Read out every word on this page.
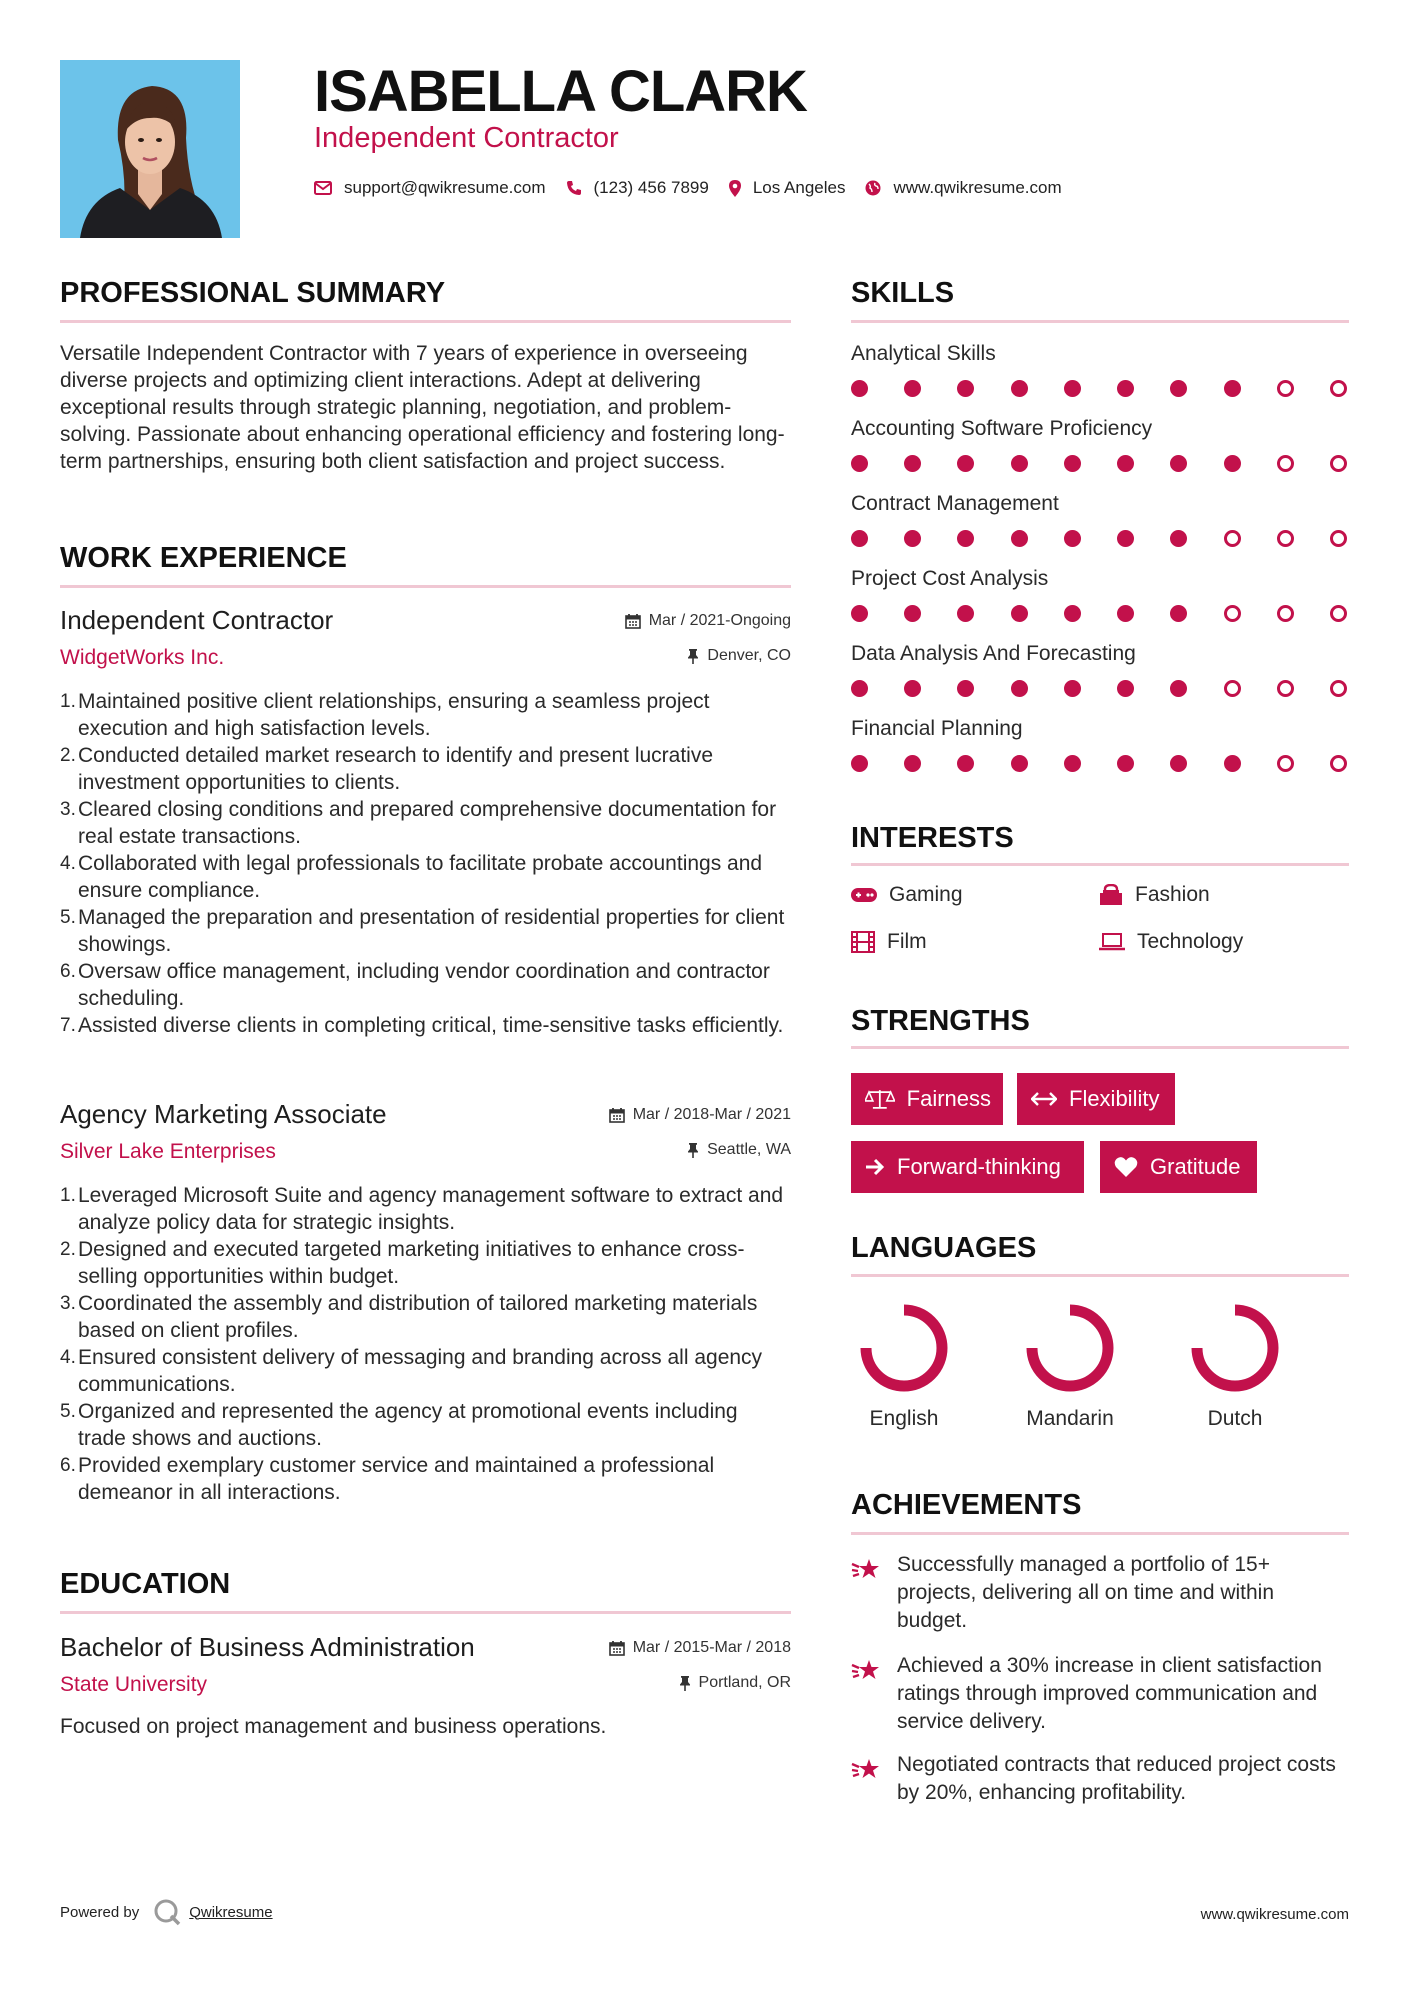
ISABELLA CLARK
Independent Contractor
support@qwikresume.com	(123) 456 7899	Los Angeles	www.qwikresume.com
PROFESSIONAL SUMMARY
Versatile Independent Contractor with 7 years of experience in overseeing diverse projects and optimizing client interactions. Adept at delivering exceptional results through strategic planning, negotiation, and problem-solving. Passionate about enhancing operational efficiency and fostering long-term partnerships, ensuring both client satisfaction and project success.
WORK EXPERIENCE
Independent Contractor	Mar / 2021-Ongoing
WidgetWorks Inc.	Denver, CO
1. Maintained positive client relationships, ensuring a seamless project execution and high satisfaction levels.
2. Conducted detailed market research to identify and present lucrative investment opportunities to clients.
3. Cleared closing conditions and prepared comprehensive documentation for real estate transactions.
4. Collaborated with legal professionals to facilitate probate accountings and ensure compliance.
5. Managed the preparation and presentation of residential properties for client showings.
6. Oversaw office management, including vendor coordination and contractor scheduling.
7. Assisted diverse clients in completing critical, time-sensitive tasks efficiently.
Agency Marketing Associate	Mar / 2018-Mar / 2021
Silver Lake Enterprises	Seattle, WA
1. Leveraged Microsoft Suite and agency management software to extract and analyze policy data for strategic insights.
2. Designed and executed targeted marketing initiatives to enhance cross-selling opportunities within budget.
3. Coordinated the assembly and distribution of tailored marketing materials based on client profiles.
4. Ensured consistent delivery of messaging and branding across all agency communications.
5. Organized and represented the agency at promotional events including trade shows and auctions.
6. Provided exemplary customer service and maintained a professional demeanor in all interactions.
EDUCATION
Bachelor of Business Administration	Mar / 2015-Mar / 2018
State University	Portland, OR
Focused on project management and business operations.
SKILLS
Analytical Skills
Accounting Software Proficiency
Contract Management
Project Cost Analysis
Data Analysis And Forecasting
Financial Planning
INTERESTS
Gaming	Fashion
Film	Technology
STRENGTHS
Fairness	Flexibility
Forward-thinking	Gratitude
LANGUAGES
English	Mandarin	Dutch
ACHIEVEMENTS
Successfully managed a portfolio of 15+ projects, delivering all on time and within budget.
Achieved a 30% increase in client satisfaction ratings through improved communication and service delivery.
Negotiated contracts that reduced project costs by 20%, enhancing profitability.
Powered by	Qwikresume	www.qwikresume.com
